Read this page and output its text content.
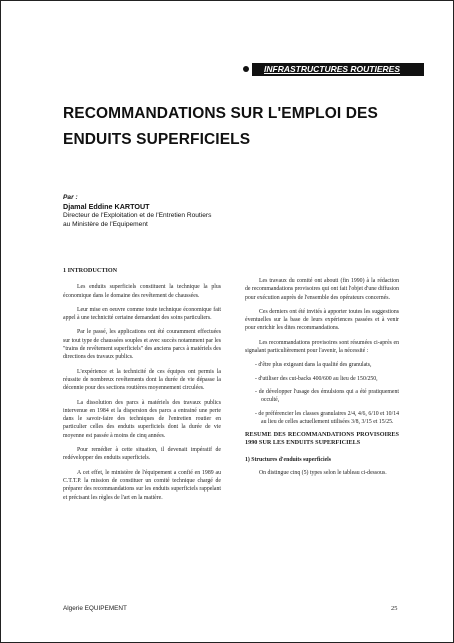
INFRASTRUCTURES ROUTIERES
RECOMMANDATIONS SUR L'EMPLOI DES
ENDUITS SUPERFICIELS
Par :
Djamal Eddine KARTOUT
Directeur de l'Exploitation et de l'Entretien Routiers
au Ministère de l'Equipement

1 INTRODUCTION

Les enduits superficiels constituent la technique la plus économique dans le domaine des revêtement de chaussées.

Leur mise en oeuvre comme toute technique économique fait appel à une technicité certaine demandant des soins particuliers.

Par le passé, les applications ont été couramment effectuées sur tout type de chaussées souples et avec succès notamment par les "trains de revêtement superficiels" des anciens parcs à matériels des directions des travaux publics.

L'expérience et la technicité de ces équipes ont permis la réussite de nombreux revêtements dont la durée de vie dépasse la décennie pour des sections routières moyennement circulées.

La dissolution des parcs à matériels des travaux publics intervenue en 1984 et la dispersion des parcs a entrainé une perte dans le savoir-faire des techniques de l'entretien routier en particulier celles des enduits superficiels dont la durée de vie moyenne est passée à moins de cinq années.

Pour remédier à cette situation, il devenait impératif de redévelopper des enduits superficiels.

A cet effet, le ministère de l'équipement a confié en 1989 au C.T.T.P. la mission de constituer un comité technique chargé de préparer des recommandations sur les enduits superficiels rappelant et précisant les règles de l'art en la matière.

Les travaux du comité ont abouti (fin 1990) à la rédaction de recommandations provisoires qui ont fait l'objet d'une diffusion pour exécution auprès de l'ensemble des opérateurs concernés.

Ces derniers ont été invités à apporter toutes les suggestions éventuelles sur la base de leurs expériences passées et à venir pour enrichir les dites recommandations.

Les recommandations provisoires sont résumées ci-après en signalant particulièrement pour l'avenir, la nécessité :

- d'être plus exigeant dans la qualité des granulats,

- d'utiliser des cut-backs 400/600 au lieu de 150/250,

- de développer l'usage des émulsions qui a été pratiquement occulté,

- de préférencier les classes granulaires 2/4, 4/6, 6/10 et 10/14 au lieu de celles actuellement utilisées 3/8, 3/15 et 15/25.

RESUME DES RECOMMANDATIONS PROVISOIRES 1990 SUR LES ENDUITS SUPERFICIELS

1) Structures d'enduits superficiels

On distingue cinq (5) types selon le tableau ci-dessous.

Algerie EQUIPEMENT	25
